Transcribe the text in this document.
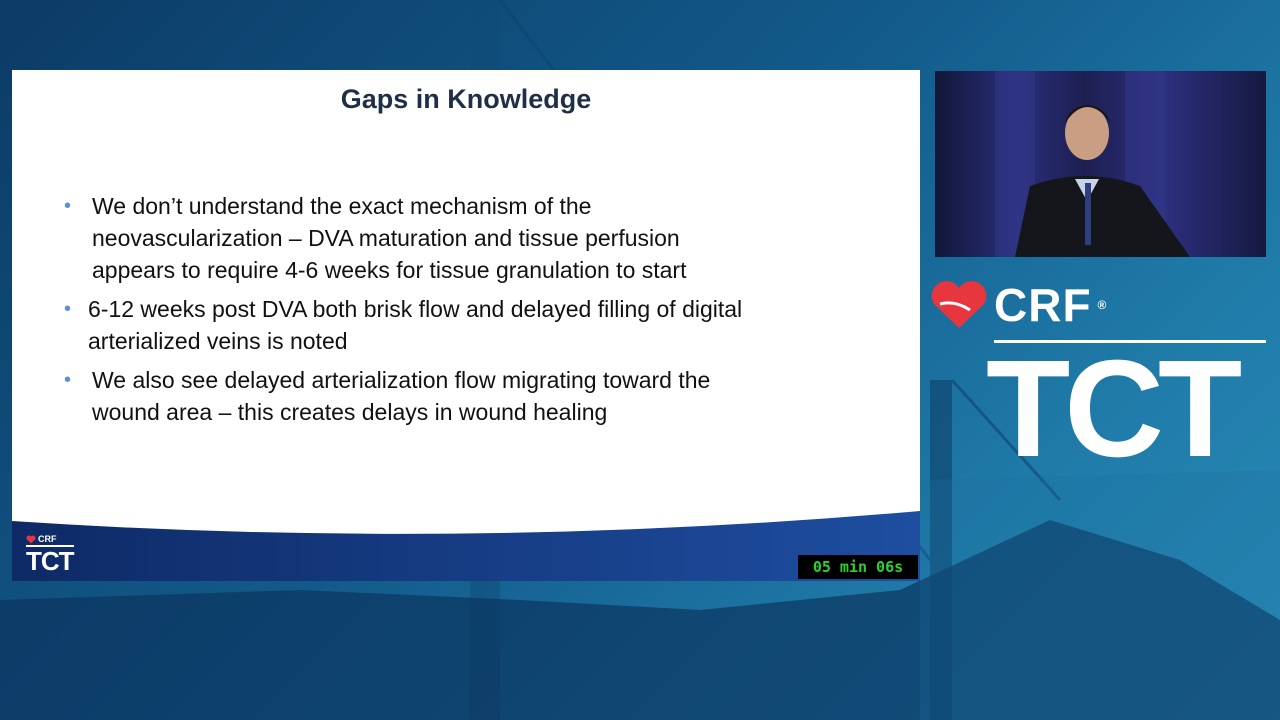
Gaps in Knowledge
• We don’t understand the exact mechanism of the
neovascularization – DVA maturation and tissue perfusion
appears to require 4-6 weeks for tissue granulation to start
• 6-12 weeks post DVA both brisk flow and delayed filling of digital
arterialized veins is noted
• We also see delayed arterialization flow migrating toward the
wound area – this creates delays in wound healing
CRF
TCT	05 min 06s
CRF ®
TCT
